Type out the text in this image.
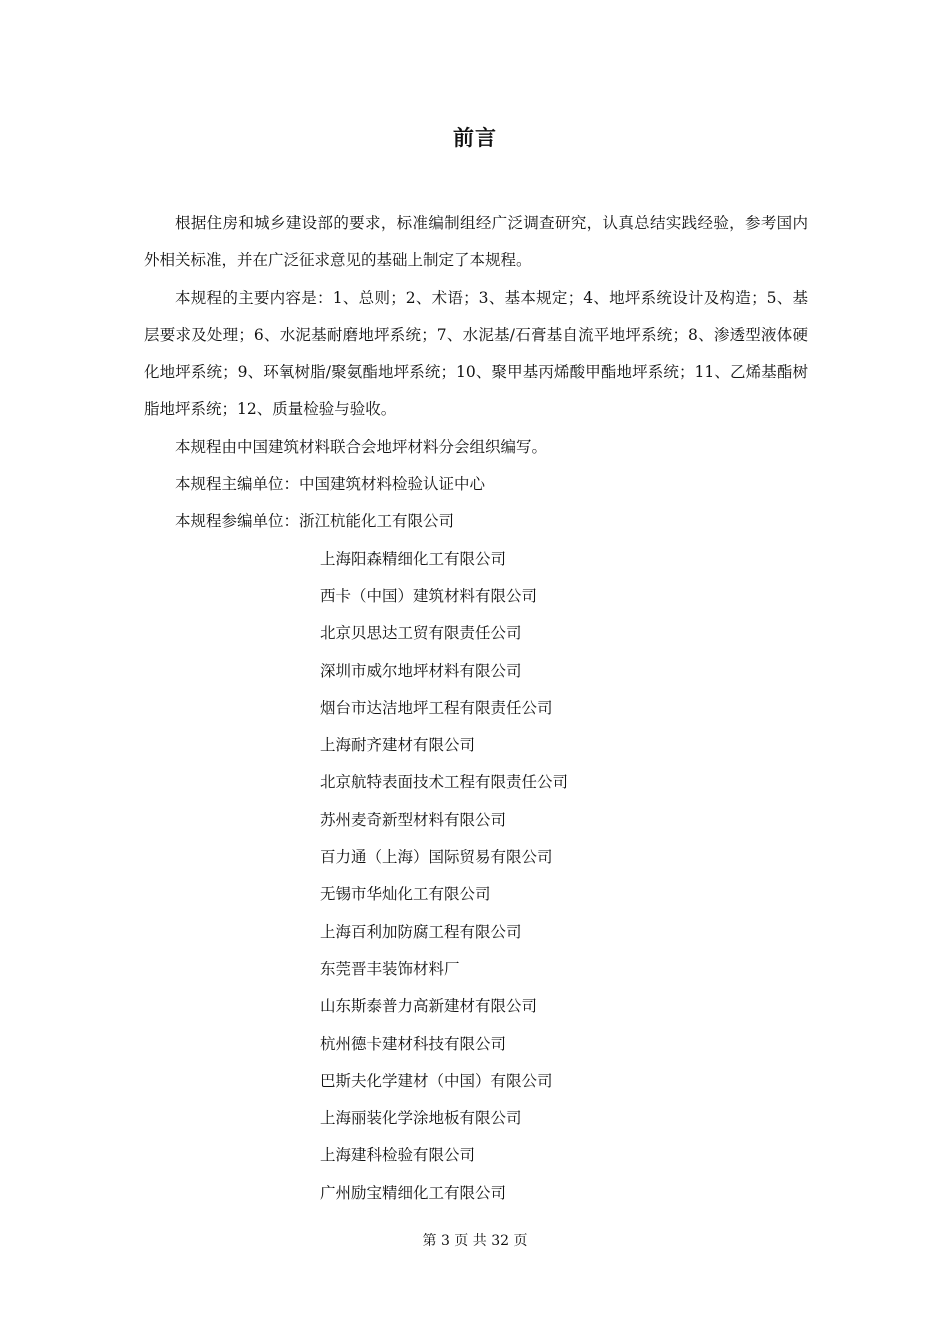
前言

根据住房和城乡建设部的要求，标准编制组经广泛调查研究，认真总结实践经验，参考国内外相关标准，并在广泛征求意见的基础上制定了本规程。

本规程的主要内容是：1、总则；2、术语；3、基本规定；4、地坪系统设计及构造；5、基层要求及处理；6、水泥基耐磨地坪系统；7、水泥基/石膏基自流平地坪系统；8、渗透型液体硬化地坪系统；9、环氧树脂/聚氨酯地坪系统；10、聚甲基丙烯酸甲酯地坪系统；11、乙烯基酯树脂地坪系统；12、质量检验与验收。

本规程由中国建筑材料联合会地坪材料分会组织编写。

本规程主编单位：中国建筑材料检验认证中心

本规程参编单位：浙江杭能化工有限公司

上海阳森精细化工有限公司
西卡（中国）建筑材料有限公司
北京贝思达工贸有限责任公司
深圳市威尔地坪材料有限公司
烟台市达洁地坪工程有限责任公司
上海耐齐建材有限公司
北京航特表面技术工程有限责任公司
苏州麦奇新型材料有限公司
百力通（上海）国际贸易有限公司
无锡市华灿化工有限公司
上海百利加防腐工程有限公司
东莞晋丰装饰材料厂
山东斯泰普力高新建材有限公司
杭州德卡建材科技有限公司
巴斯夫化学建材（中国）有限公司
上海丽装化学涂地板有限公司
上海建科检验有限公司
广州励宝精细化工有限公司
第 3 页 共 32 页
